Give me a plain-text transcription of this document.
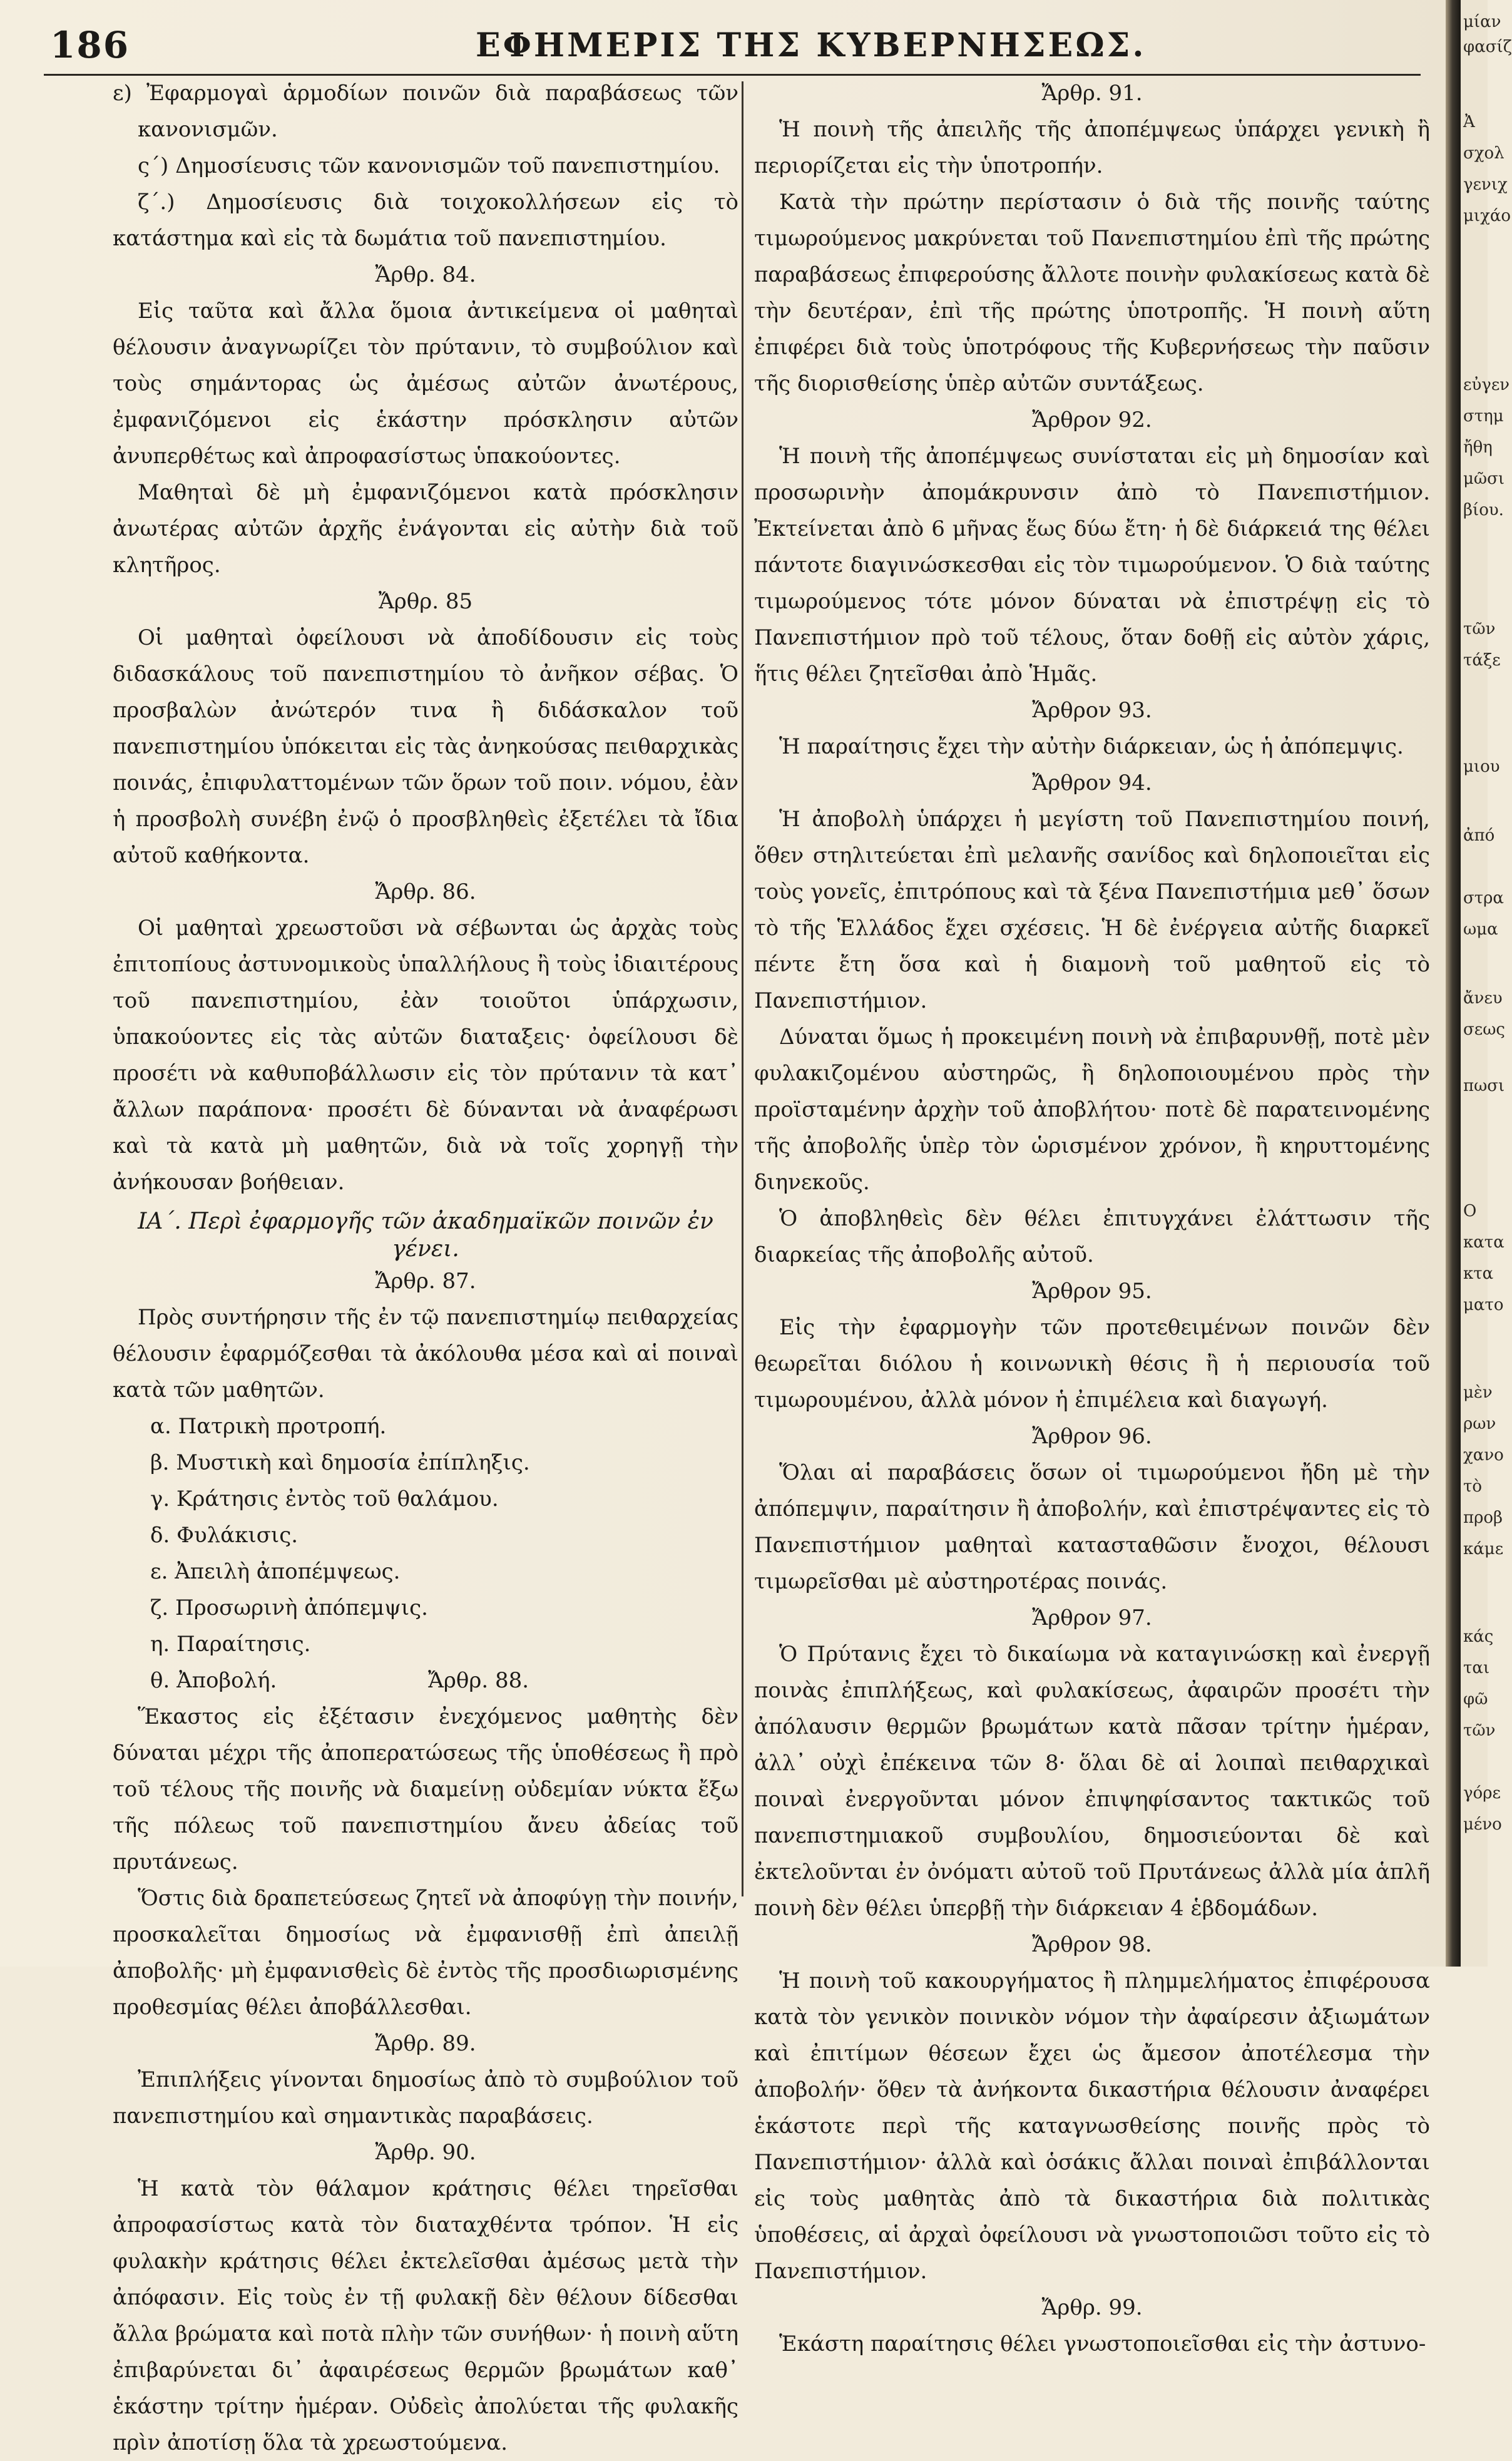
186	ΕΦΗΜΕΡΙΣ ΤΗΣ ΚΥΒΕΡΝΗΣΕΩΣ.

ε) Ἐφαρμογαὶ ἁρμοδίων ποινῶν διὰ παραβάσεως τῶν κανονισμῶν.

ς΄) Δημοσίευσις τῶν κανονισμῶν τοῦ πανεπιστημίου.

ζ΄.) Δημοσίευσις διὰ τοιχοκολλήσεων εἰς τὸ κατάστημα καὶ εἰς τὰ δωμάτια τοῦ πανεπιστημίου.

Ἄρθρ. 84.

Εἰς ταῦτα καὶ ἄλλα ὅμοια ἀντικείμενα οἱ μαθηταὶ θέλουσιν ἀναγνωρίζει τὸν πρύτανιν, τὸ συμβούλιον καὶ τοὺς σημάντορας ὡς ἀμέσως αὐτῶν ἀνωτέρους, ἐμφανιζόμενοι εἰς ἑκάστην πρόσκλησιν αὐτῶν ἀνυπερθέτως καὶ ἀπροφασίστως ὑπακούοντες.

Μαθηταὶ δὲ μὴ ἐμφανιζόμενοι κατὰ πρόσκλησιν ἀνωτέρας αὐτῶν ἀρχῆς ἐνάγονται εἰς αὐτὴν διὰ τοῦ κλητῆρος.

Ἄρθρ. 85

Οἱ μαθηταὶ ὀφείλουσι νὰ ἀποδίδουσιν εἰς τοὺς διδασκάλους τοῦ πανεπιστημίου τὸ ἀνῆκον σέβας. Ὁ προσβαλὼν ἀνώτερόν τινα ἢ διδάσκαλον τοῦ πανεπιστημίου ὑπόκειται εἰς τὰς ἀνηκούσας πειθαρχικὰς ποινάς, ἐπιφυλαττομένων τῶν ὅρων τοῦ ποιν. νόμου, ἐὰν ἡ προσβολὴ συνέβη ἐνῷ ὁ προσβληθεὶς ἐξετέλει τὰ ἴδια αὐτοῦ καθήκοντα.

Ἄρθρ. 86.

Οἱ μαθηταὶ χρεωστοῦσι νὰ σέβωνται ὡς ἀρχὰς τοὺς ἐπιτοπίους ἀστυνομικοὺς ὑπαλλήλους ἢ τοὺς ἰδιαιτέρους τοῦ πανεπιστημίου, ἐὰν τοιοῦτοι ὑπάρχωσιν, ὑπακούοντες εἰς τὰς αὐτῶν διαταξεις· ὀφείλουσι δὲ προσέτι νὰ καθυποβάλλωσιν εἰς τὸν πρύτανιν τὰ κατ᾽ ἄλλων παράπονα· προσέτι δὲ δύνανται νὰ ἀναφέρωσι καὶ τὰ κατὰ μὴ μαθητῶν, διὰ νὰ τοῖς χορηγῇ τὴν ἀνήκουσαν βοήθειαν.

ΙΑ΄. Περὶ ἐφαρμογῆς τῶν ἀκαδημαϊκῶν ποινῶν ἐν γένει.

Ἄρθρ. 87.

Πρὸς συντήρησιν τῆς ἐν τῷ πανεπιστημίῳ πειθαρχείας θέλουσιν ἐφαρμόζεσθαι τὰ ἀκόλουθα μέσα καὶ αἱ ποιναὶ κατὰ τῶν μαθητῶν.

α. Πατρικὴ προτροπή.

β. Μυστικὴ καὶ δημοσία ἐπίπληξις.

γ. Κράτησις ἐντὸς τοῦ θαλάμου.

δ. Φυλάκισις.

ε. Ἀπειλὴ ἀποπέμψεως.

ζ. Προσωρινὴ ἀπόπεμψις.

η. Παραίτησις.

θ. Ἀποβολή.	Ἄρθρ. 88.

Ἕκαστος εἰς ἐξέτασιν ἐνεχόμενος μαθητὴς δὲν δύναται μέχρι τῆς ἀποπερατώσεως τῆς ὑποθέσεως ἢ πρὸ τοῦ τέλους τῆς ποινῆς νὰ διαμείνῃ οὐδεμίαν νύκτα ἔξω τῆς πόλεως τοῦ πανεπιστημίου ἄνευ ἀδείας τοῦ πρυτάνεως.

Ὅστις διὰ δραπετεύσεως ζητεῖ νὰ ἀποφύγῃ τὴν ποινήν, προσκαλεῖται δημοσίως νὰ ἐμφανισθῇ ἐπὶ ἀπειλῇ ἀποβολῆς· μὴ ἐμφανισθεὶς δὲ ἐντὸς τῆς προσδιωρισμένης προθεσμίας θέλει ἀποβάλλεσθαι.

Ἄρθρ. 89.

Ἐπιπλήξεις γίνονται δημοσίως ἀπὸ τὸ συμβούλιον τοῦ πανεπιστημίου καὶ σημαντικὰς παραβάσεις.

Ἄρθρ. 90.

Ἡ κατὰ τὸν θάλαμον κράτησις θέλει τηρεῖσθαι ἀπροφασίστως κατὰ τὸν διαταχθέντα τρόπον. Ἡ εἰς φυλακὴν κράτησις θέλει ἐκτελεῖσθαι ἀμέσως μετὰ τὴν ἀπόφασιν. Εἰς τοὺς ἐν τῇ φυλακῇ δὲν θέλουν δίδεσθαι ἄλλα βρώματα καὶ ποτὰ πλὴν τῶν συνήθων· ἡ ποινὴ αὕτη ἐπιβαρύνεται δι᾽ ἀφαιρέσεως θερμῶν βρωμάτων καθ᾽ ἑκάστην τρίτην ἡμέραν. Οὐδεὶς ἀπολύεται τῆς φυλακῆς πρὶν ἀποτίσῃ ὅλα τὰ χρεωστούμενα.

Ἄρθρ. 91.

Ἡ ποινὴ τῆς ἀπειλῆς τῆς ἀποπέμψεως ὑπάρχει γενικὴ ἢ περιορίζεται εἰς τὴν ὑποτροπήν.

Κατὰ τὴν πρώτην περίστασιν ὁ διὰ τῆς ποινῆς ταύτης τιμωρούμενος μακρύνεται τοῦ Πανεπιστημίου ἐπὶ τῆς πρώτης παραβάσεως ἐπιφερούσης ἄλλοτε ποινὴν φυλακίσεως κατὰ δὲ τὴν δευτέραν, ἐπὶ τῆς πρώτης ὑποτροπῆς. Ἡ ποινὴ αὕτη ἐπιφέρει διὰ τοὺς ὑποτρόφους τῆς Κυβερνήσεως τὴν παῦσιν τῆς διορισθείσης ὑπὲρ αὐτῶν συντάξεως.

Ἄρθρον 92.

Ἡ ποινὴ τῆς ἀποπέμψεως συνίσταται εἰς μὴ δημοσίαν καὶ προσωρινὴν ἀπομάκρυνσιν ἀπὸ τὸ Πανεπιστήμιον. Ἐκτείνεται ἀπὸ 6 μῆνας ἕως δύω ἔτη· ἡ δὲ διάρκειά της θέλει πάντοτε διαγινώσκεσθαι εἰς τὸν τιμωρούμενον. Ὁ διὰ ταύτης τιμωρούμενος τότε μόνον δύναται νὰ ἐπιστρέψῃ εἰς τὸ Πανεπιστήμιον πρὸ τοῦ τέλους, ὅταν δοθῇ εἰς αὐτὸν χάρις, ἥτις θέλει ζητεῖσθαι ἀπὸ Ἡμᾶς.

Ἄρθρον 93.

Ἡ παραίτησις ἔχει τὴν αὐτὴν διάρκειαν, ὡς ἡ ἀπόπεμψις.

Ἄρθρον 94.

Ἡ ἀποβολὴ ὑπάρχει ἡ μεγίστη τοῦ Πανεπιστημίου ποινή, ὅθεν στηλιτεύεται ἐπὶ μελανῆς σανίδος καὶ δηλοποιεῖται εἰς τοὺς γονεῖς, ἐπιτρόπους καὶ τὰ ξένα Πανεπιστήμια μεθ᾽ ὅσων τὸ τῆς Ἑλλάδος ἔχει σχέσεις. Ἡ δὲ ἐνέργεια αὐτῆς διαρκεῖ πέντε ἔτη ὅσα καὶ ἡ διαμονὴ τοῦ μαθητοῦ εἰς τὸ Πανεπιστήμιον.

Δύναται ὅμως ἡ προκειμένη ποινὴ νὰ ἐπιβαρυνθῇ, ποτὲ μὲν φυλακιζομένου αὐστηρῶς, ἢ δηλοποιουμένου πρὸς τὴν προϊσταμένην ἀρχὴν τοῦ ἀποβλήτου· ποτὲ δὲ παρατεινομένης τῆς ἀποβολῆς ὑπὲρ τὸν ὡρισμένον χρόνον, ἢ κηρυττομένης διηνεκοῦς.

Ὁ ἀποβληθεὶς δὲν θέλει ἐπιτυγχάνει ἐλάττωσιν τῆς διαρκείας τῆς ἀποβολῆς αὐτοῦ.

Ἄρθρον 95.

Εἰς τὴν ἐφαρμογὴν τῶν προτεθειμένων ποινῶν δὲν θεωρεῖται διόλου ἡ κοινωνικὴ θέσις ἢ ἡ περιουσία τοῦ τιμωρουμένου, ἀλλὰ μόνον ἡ ἐπιμέλεια καὶ διαγωγή.

Ἄρθρον 96.

Ὅλαι αἱ παραβάσεις ὅσων οἱ τιμωρούμενοι ἤδη μὲ τὴν ἀπόπεμψιν, παραίτησιν ἢ ἀποβολήν, καὶ ἐπιστρέψαντες εἰς τὸ Πανεπιστήμιον μαθηταὶ κατασταθῶσιν ἔνοχοι, θέλουσι τιμωρεῖσθαι μὲ αὐστηροτέρας ποινάς.

Ἄρθρον 97.

Ὁ Πρύτανις ἔχει τὸ δικαίωμα νὰ καταγινώσκῃ καὶ ἐνεργῇ ποινὰς ἐπιπλήξεως, καὶ φυλακίσεως, ἀφαιρῶν προσέτι τὴν ἀπόλαυσιν θερμῶν βρωμάτων κατὰ πᾶσαν τρίτην ἡμέραν, ἀλλ᾽ οὐχὶ ἐπέκεινα τῶν 8· ὅλαι δὲ αἱ λοιπαὶ πειθαρχικαὶ ποιναὶ ἐνεργοῦνται μόνον ἐπιψηφίσαντος τακτικῶς τοῦ πανεπιστημιακοῦ συμβουλίου, δημοσιεύονται δὲ καὶ ἐκτελοῦνται ἐν ὀνόματι αὐτοῦ τοῦ Πρυτάνεως ἀλλὰ μία ἁπλῆ ποινὴ δὲν θέλει ὑπερβῇ τὴν διάρκειαν 4 ἑβδομάδων.

Ἄρθρον 98.

Ἡ ποινὴ τοῦ κακουργήματος ἢ πλημμελήματος ἐπιφέρουσα κατὰ τὸν γενικὸν ποινικὸν νόμον τὴν ἀφαίρεσιν ἀξιωμάτων καὶ ἐπιτίμων θέσεων ἔχει ὡς ἄμεσον ἀποτέλεσμα τὴν ἀποβολήν· ὅθεν τὰ ἀνήκοντα δικαστήρια θέλουσιν ἀναφέρει ἑκάστοτε περὶ τῆς καταγνωσθείσης ποινῆς πρὸς τὸ Πανεπιστήμιον· ἀλλὰ καὶ ὁσάκις ἄλλαι ποιναὶ ἐπιβάλλονται εἰς τοὺς μαθητὰς ἀπὸ τὰ δικαστήρια διὰ πολιτικὰς ὑποθέσεις, αἱ ἀρχαὶ ὀφείλουσι νὰ γνωστοποιῶσι τοῦτο εἰς τὸ Πανεπιστήμιον.

Ἄρθρ. 99.

Ἑκάστη παραίτησις θέλει γνωστοποιεῖσθαι εἰς τὴν ἀστυνο-

μίαν
φασίζ
Ἀ
σχολ
γενιχ
μιχάο
εὐγεν
στημ
ἤθη
μῶσι
βίου.
τῶν
τάξε
μιου
ἀπό
στρα
ωμα
ἄνευ
σεως
πωσι
Ο
κατα
κτα
ματο
μὲν
ρων
χανο
τὸ
προβ
κάμε
κάς
ται
φῶ
τῶν
γόρε
μένο
